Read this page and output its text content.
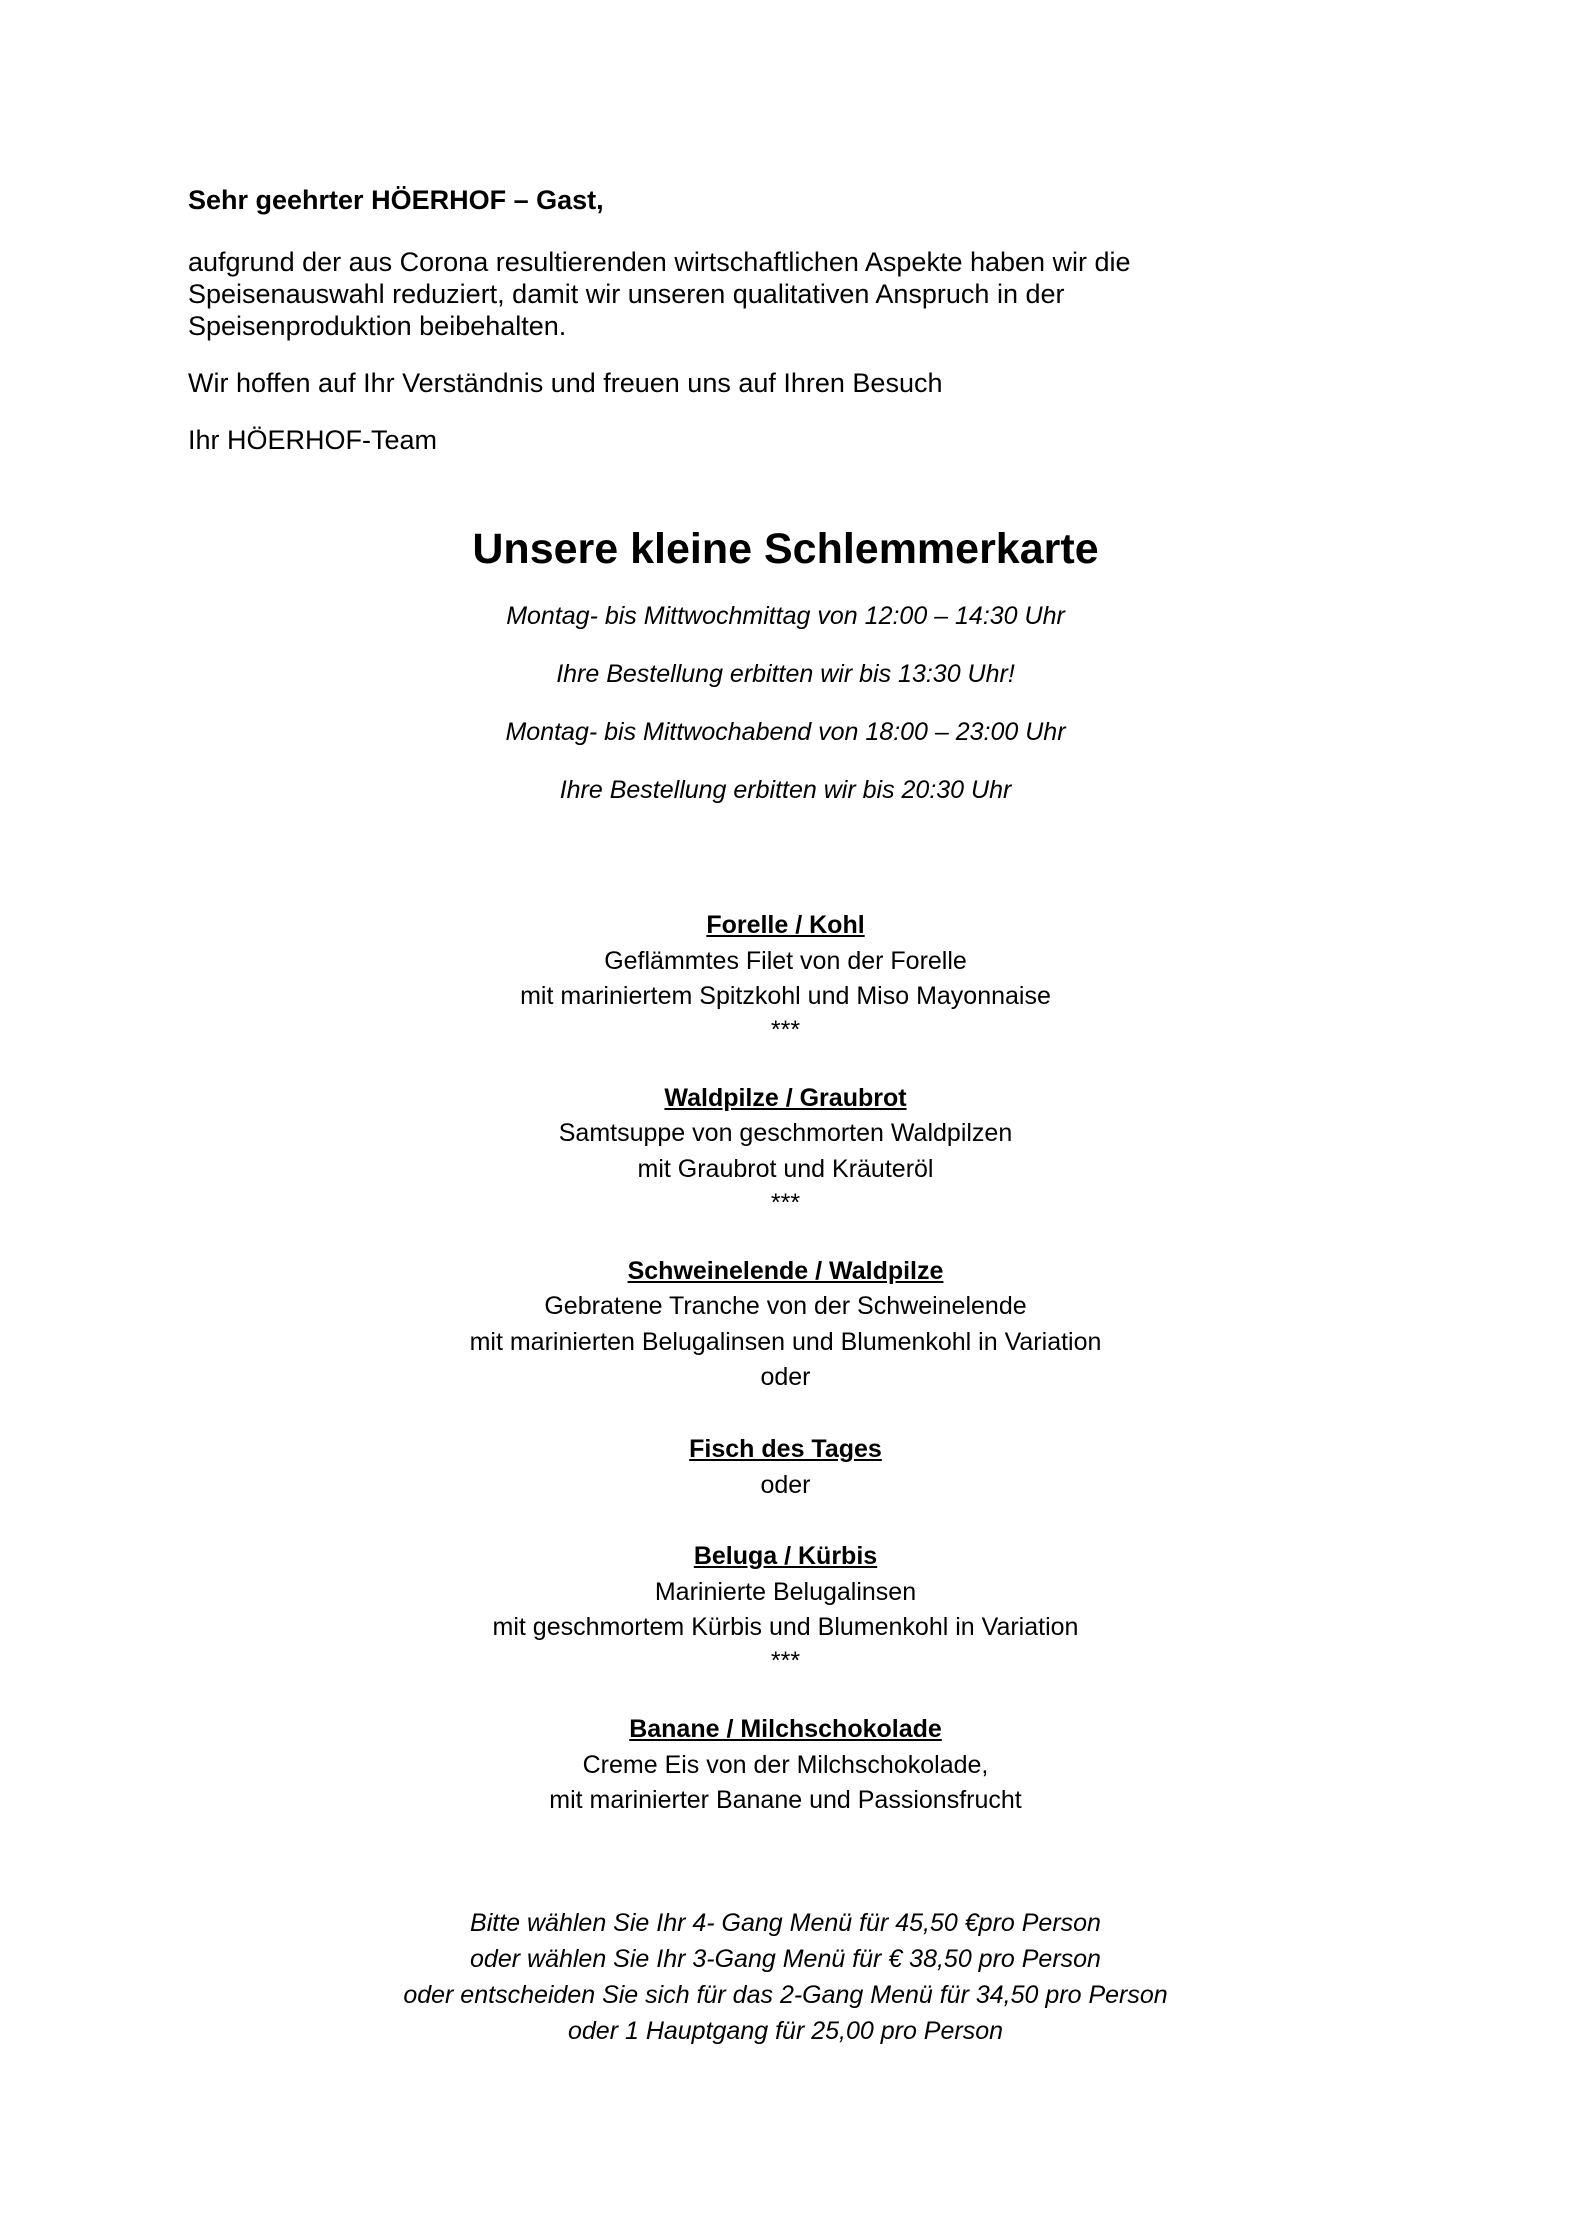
Sehr geehrter HÖERHOF – Gast,

aufgrund der aus Corona resultierenden wirtschaftlichen Aspekte haben wir die
Speisenauswahl reduziert, damit wir unseren qualitativen Anspruch in der
Speisenproduktion beibehalten.

Wir hoffen auf Ihr Verständnis und freuen uns auf Ihren Besuch

Ihr HÖERHOF-Team

Unsere kleine Schlemmerkarte
Montag- bis Mittwochmittag von 12:00 – 14:30 Uhr
Ihre Bestellung erbitten wir bis 13:30 Uhr!
Montag- bis Mittwochabend von 18:00 – 23:00 Uhr
Ihre Bestellung erbitten wir bis 20:30 Uhr
Forelle / Kohl
Geflämmtes Filet von der Forelle
mit mariniertem Spitzkohl und Miso Mayonnaise
***
Waldpilze / Graubrot
Samtsuppe von geschmorten Waldpilzen
mit Graubrot und Kräuteröl
***
Schweinelende / Waldpilze
Gebratene Tranche von der Schweinelende
mit marinierten Belugalinsen und Blumenkohl in Variation
oder
Fisch des Tages
oder
Beluga / Kürbis
Marinierte Belugalinsen
mit geschmortem Kürbis und Blumenkohl in Variation
***
Banane / Milchschokolade
Creme Eis von der Milchschokolade,
mit marinierter Banane und Passionsfrucht
Bitte wählen Sie Ihr 4- Gang Menü für 45,50 €pro Person
oder wählen Sie Ihr 3-Gang Menü für € 38,50 pro Person
oder entscheiden Sie sich für das 2-Gang Menü für 34,50 pro Person
oder 1 Hauptgang für 25,00 pro Person
